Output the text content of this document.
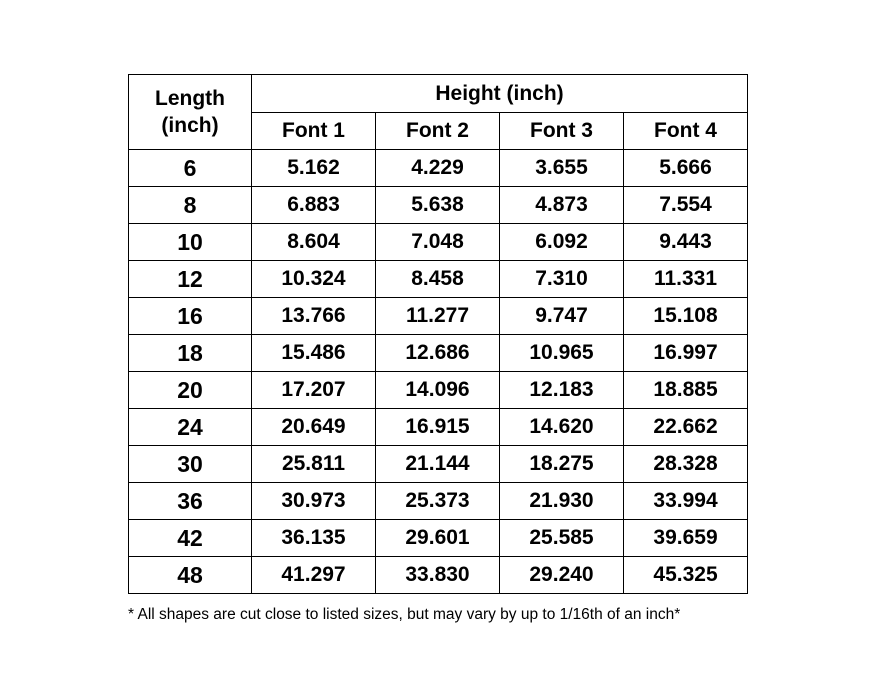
Length
(inch)	Height (inch)			
	Font 1	Font 2	Font 3	Font 4
6	5.162	4.229	3.655	5.666
8	6.883	5.638	4.873	7.554
10	8.604	7.048	6.092	9.443
12	10.324	8.458	7.310	11.331
16	13.766	11.277	9.747	15.108
18	15.486	12.686	10.965	16.997
20	17.207	14.096	12.183	18.885
24	20.649	16.915	14.620	22.662
30	25.811	21.144	18.275	28.328
36	30.973	25.373	21.930	33.994
42	36.135	29.601	25.585	39.659
48	41.297	33.830	29.240	45.325
* All shapes are cut close to listed sizes, but may vary by up to 1/16th of an inch*
